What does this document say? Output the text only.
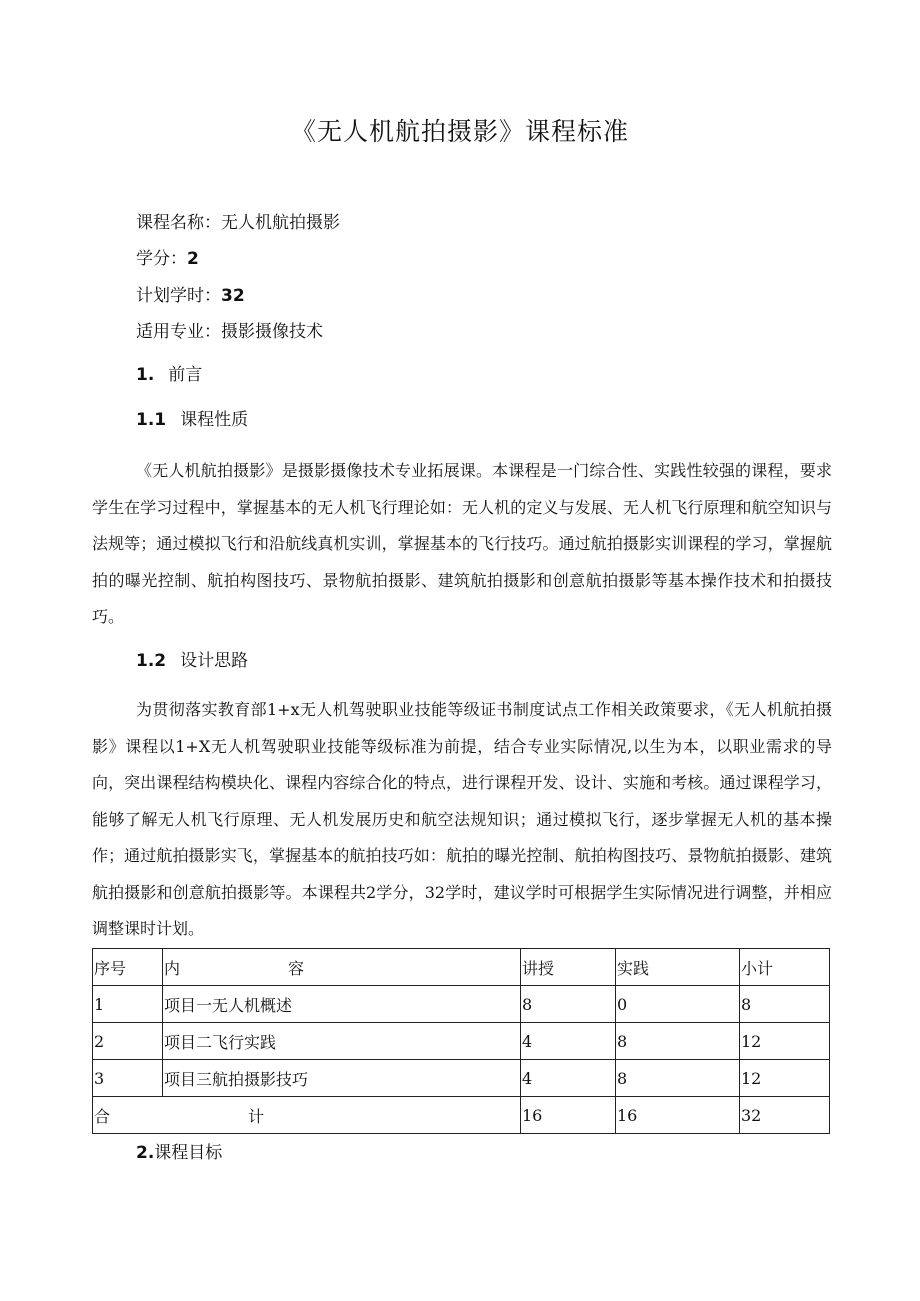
《无人机航拍摄影》课程标准
课程名称：无人机航拍摄影
学分：2
计划学时：32
适用专业：摄影摄像技术
1. 前言
1.1 课程性质
《无人机航拍摄影》是摄影摄像技术专业拓展课。本课程是一门综合性、实践性较强的课程，要求学生在学习过程中，掌握基本的无人机飞行理论如：无人机的定义与发展、无人机飞行原理和航空知识与法规等；通过模拟飞行和沿航线真机实训，掌握基本的飞行技巧。通过航拍摄影实训课程的学习，掌握航拍的曝光控制、航拍构图技巧、景物航拍摄影、建筑航拍摄影和创意航拍摄影等基本操作技术和拍摄技巧。
1.2 设计思路
为贯彻落实教育部1+x无人机驾驶职业技能等级证书制度试点工作相关政策要求，《无人机航拍摄影》课程以1+X无人机驾驶职业技能等级标准为前提，结合专业实际情况,以生为本，以职业需求的导向，突出课程结构模块化、课程内容综合化的特点，进行课程开发、设计、实施和考核。通过课程学习，能够了解无人机飞行原理、无人机发展历史和航空法规知识；通过模拟飞行，逐步掌握无人机的基本操作；通过航拍摄影实飞，掌握基本的航拍技巧如：航拍的曝光控制、航拍构图技巧、景物航拍摄影、建筑航拍摄影和创意航拍摄影等。本课程共2学分，32学时，建议学时可根据学生实际情况进行调整，并相应调整课时计划。
序号	内 容	讲授	实践	小计
1	项目一无人机概述	8	0	8
2	项目二飞行实践	4	8	12
3	项目三航拍摄影技巧	4	8	12

合 计		16	16	32
2.课程目标
